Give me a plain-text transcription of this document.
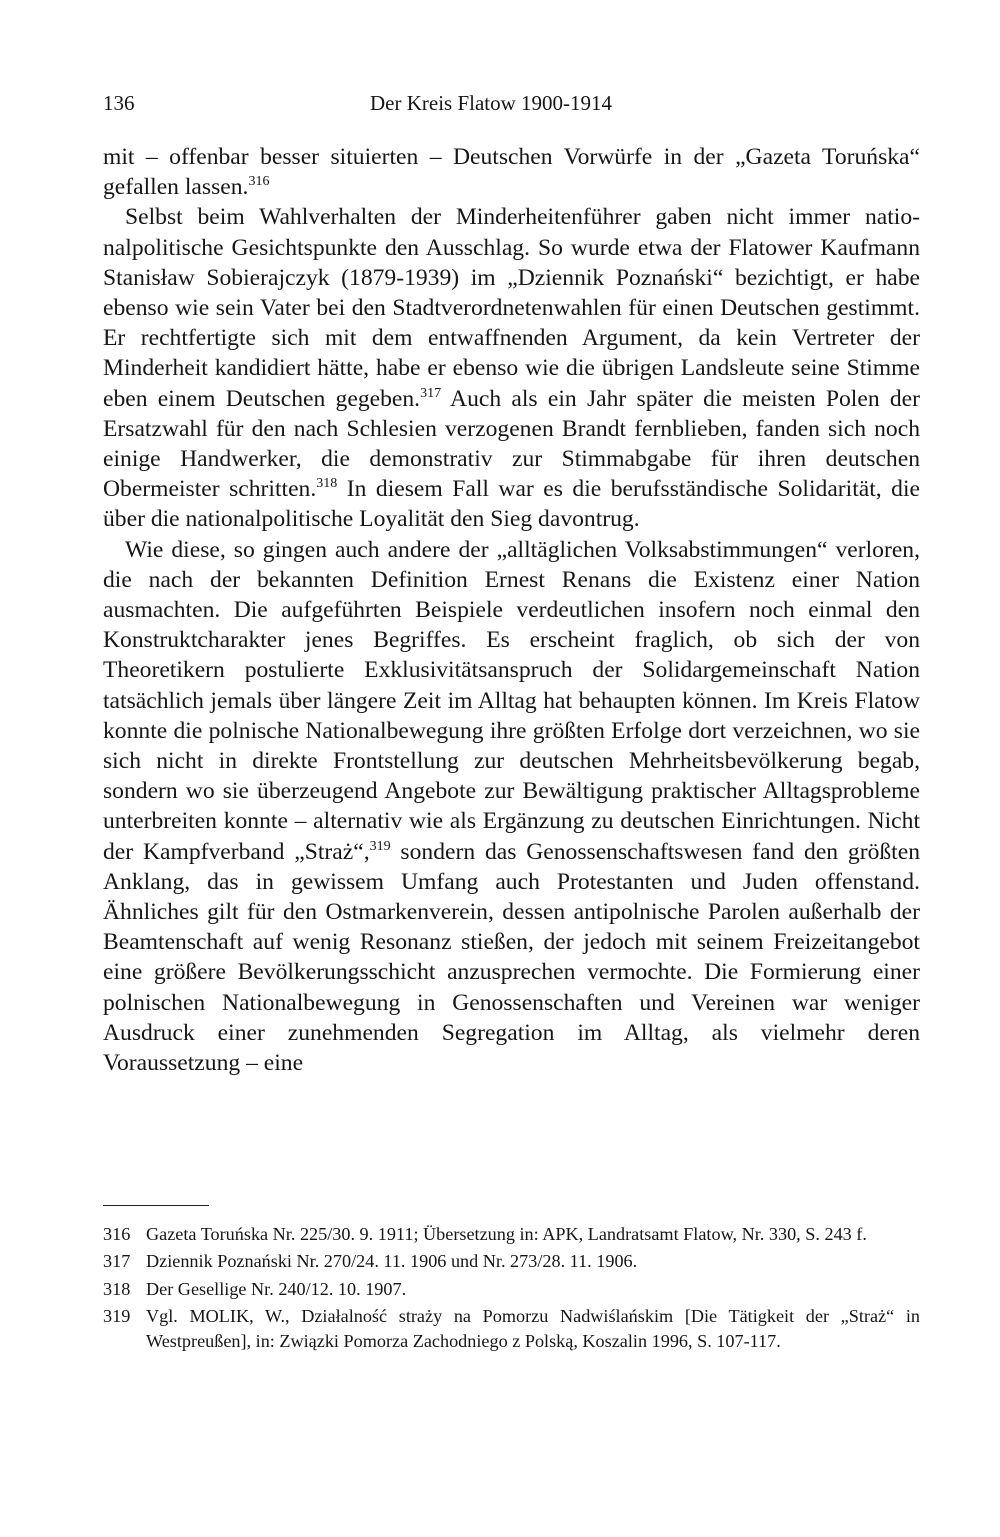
136	Der Kreis Flatow 1900-1914

mit – offenbar besser situierten – Deutschen Vorwürfe in der „Gazeta Toruńska“ gefallen lassen.$^{316}$

Selbst beim Wahlverhalten der Minderheitenführer gaben nicht immer nationalpolitische Gesichtspunkte den Ausschlag. So wurde etwa der Flatower Kaufmann Stanisław Sobierajczyk (1879-1939) im „Dziennik Poznański“ bezichtigt, er habe ebenso wie sein Vater bei den Stadtverordnetenwahlen für einen Deutschen gestimmt. Er rechtfertigte sich mit dem entwaffnenden Argument, da kein Vertreter der Minderheit kandidiert hätte, habe er ebenso wie die übrigen Landsleute seine Stimme eben einem Deutschen gegeben.$^{317}$ Auch als ein Jahr später die meisten Polen der Ersatzwahl für den nach Schlesien verzogenen Brandt fernblieben, fanden sich noch einige Handwerker, die demonstrativ zur Stimmabgabe für ihren deutschen Obermeister schritten.$^{318}$ In diesem Fall war es die berufsständische Solidarität, die über die nationalpolitische Loyalität den Sieg davontrug.

Wie diese, so gingen auch andere der „alltäglichen Volksabstimmungen“ verloren, die nach der bekannten Definition Ernest Renans die Existenz einer Nation ausmachten. Die aufgeführten Beispiele verdeutlichen insofern noch einmal den Konstruktcharakter jenes Begriffes. Es erscheint fraglich, ob sich der von Theoretikern postulierte Exklusivitätsanspruch der Solidargemeinschaft Nation tatsächlich jemals über längere Zeit im Alltag hat behaupten können. Im Kreis Flatow konnte die polnische Nationalbewegung ihre größten Erfolge dort verzeichnen, wo sie sich nicht in direkte Frontstellung zur deutschen Mehrheitsbevölkerung begab, sondern wo sie überzeugend Angebote zur Bewältigung praktischer Alltagsprobleme unterbreiten konnte – alternativ wie als Ergänzung zu deutschen Einrichtungen. Nicht der Kampfverband „Straż“,$^{319}$ sondern das Genossenschaftswesen fand den größten Anklang, das in gewissem Umfang auch Protestanten und Juden offenstand. Ähnliches gilt für den Ostmarkenverein, dessen antipolnische Parolen außerhalb der Beamtenschaft auf wenig Resonanz stießen, der jedoch mit seinem Freizeitangebot eine größere Bevölkerungsschicht anzusprechen vermochte. Die Formierung einer polnischen Nationalbewegung in Genossenschaften und Vereinen war weniger Ausdruck einer zunehmenden Segregation im Alltag, als vielmehr deren Voraussetzung – eine

316 Gazeta Toruńska Nr. 225/30. 9. 1911; Übersetzung in: APK, Landratsamt Flatow, Nr. 330, S. 243 f.
317 Dziennik Poznański Nr. 270/24. 11. 1906 und Nr. 273/28. 11. 1906.
318 Der Gesellige Nr. 240/12. 10. 1907.
319 Vgl. MOLIK, W., Działalność straży na Pomorzu Nadwiślańskim [Die Tätigkeit der „Straż“ in Westpreußen], in: Związki Pomorza Zachodniego z Polską, Koszalin 1996, S. 107-117.
